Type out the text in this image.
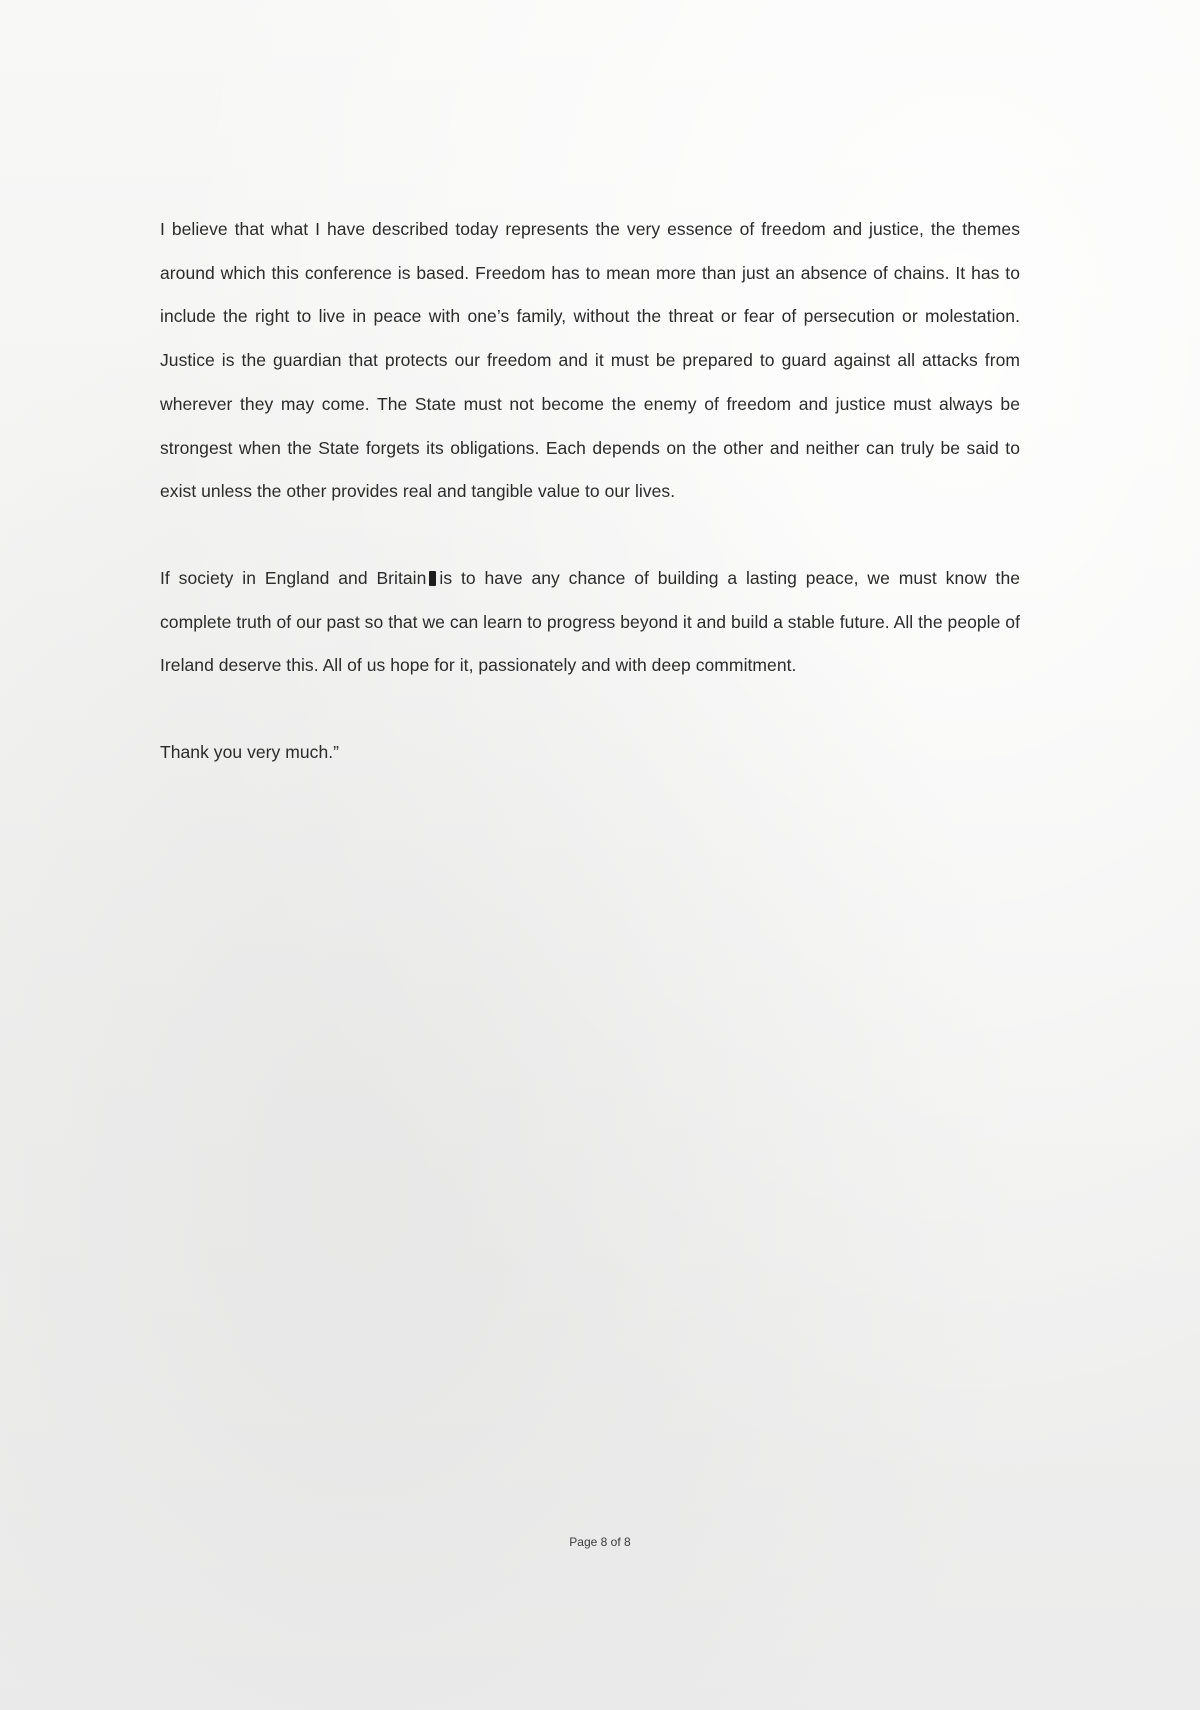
I believe that what I have described today represents the very essence of freedom and justice, the themes around which this conference is based. Freedom has to mean more than just an absence of chains. It has to include the right to live in peace with one’s family, without the threat or fear of persecution or molestation. Justice is the guardian that protects our freedom and it must be prepared to guard against all attacks from wherever they may come. The State must not become the enemy of freedom and justice must always be strongest when the State forgets its obligations. Each depends on the other and neither can truly be said to exist unless the other provides real and tangible value to our lives.

If society in England and Britain is to have any chance of building a lasting peace, we must know the complete truth of our past so that we can learn to progress beyond it and build a stable future. All the people of Ireland deserve this. All of us hope for it, passionately and with deep commitment.

Thank you very much.”

Page 8 of 8
